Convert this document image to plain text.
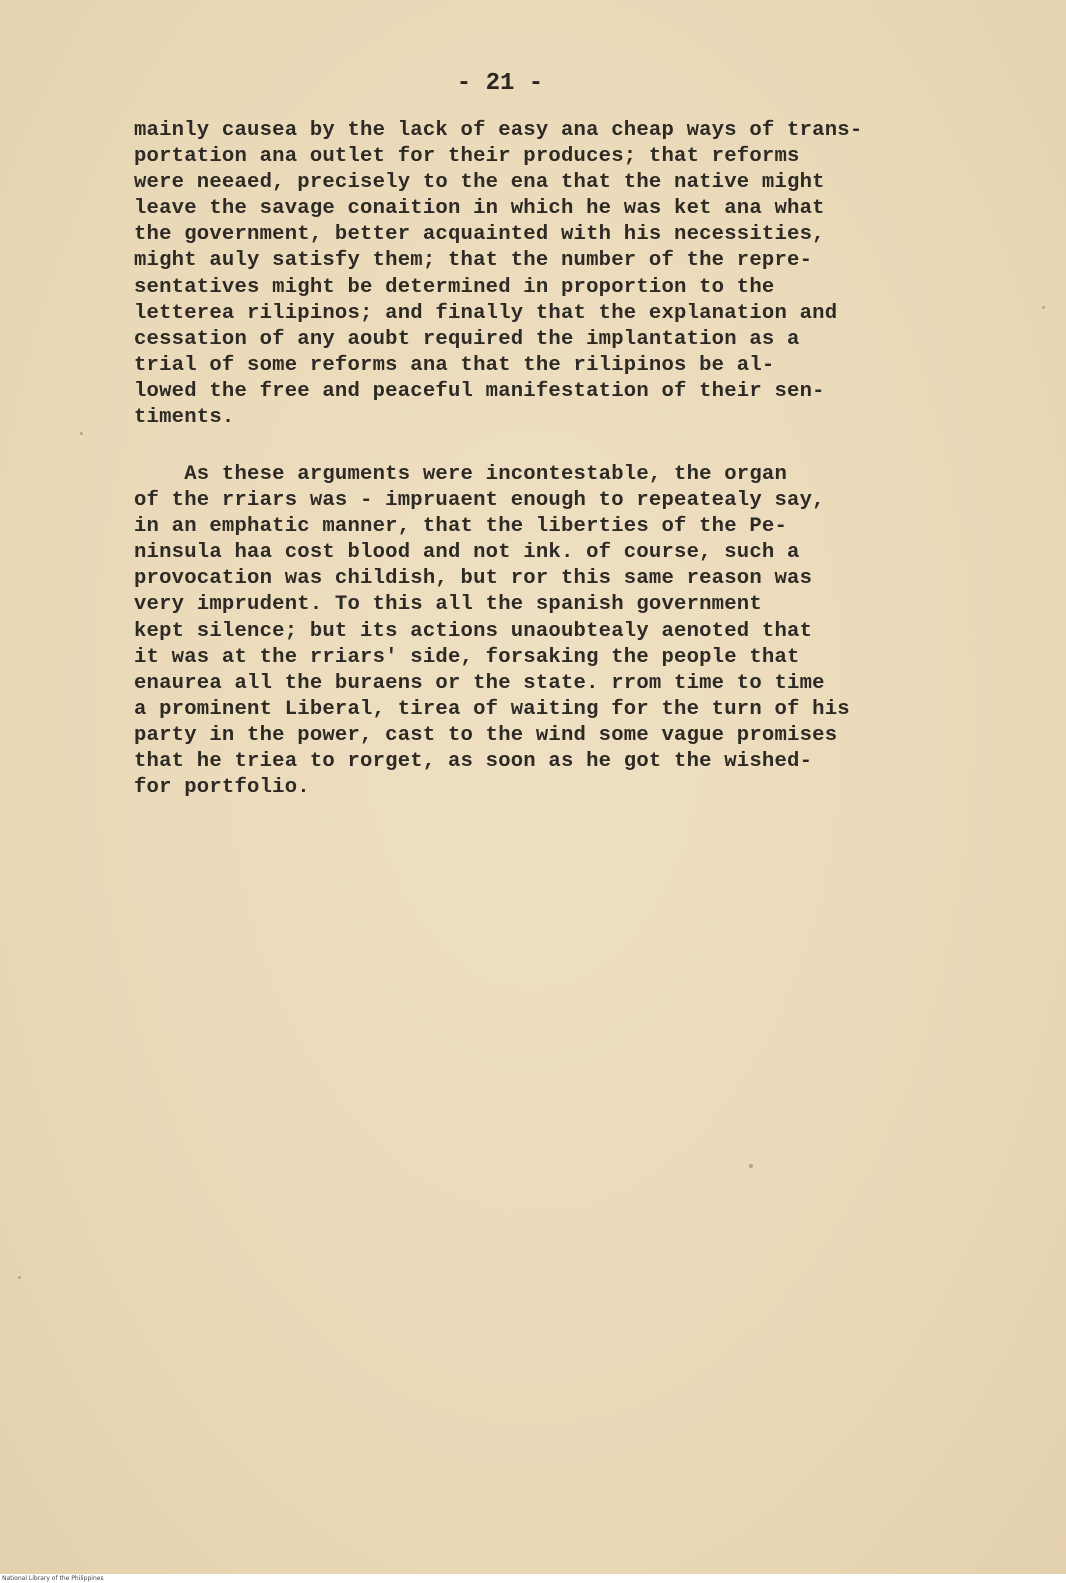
- 21 -

mainly causea by the lack of easy ana cheap ways of trans-
portation ana outlet for their produces; that reforms
were neeaed, precisely to the ena that the native might
leave the savage conaition in which he was ket ana what
the government, better acquainted with his necessities,
might auly satisfy them; that the number of the repre-
sentatives might be determined in proportion to the
letterea rilipinos; and finally that the explanation and
cessation of any aoubt required the implantation as a
trial of some reforms ana that the rilipinos be al-
lowed the free and peaceful manifestation of their sen-
timents.

As these arguments were incontestable, the organ
of the rriars was - impruaent enough to repeatealy say,
in an emphatic manner, that the liberties of the Pe-
ninsula haa cost blood and not ink. of course, such a
provocation was childish, but ror this same reason was
very imprudent. To this all the spanish government
kept silence; but its actions unaoubtealy aenoted that
it was at the rriars' side, forsaking the people that
enaurea all the buraens or the state. rrom time to time
a prominent Liberal, tirea of waiting for the turn of his
party in the power, cast to the wind some vague promises
that he triea to rorget, as soon as he got the wished-
for portfolio.

National Library of the Philippines
